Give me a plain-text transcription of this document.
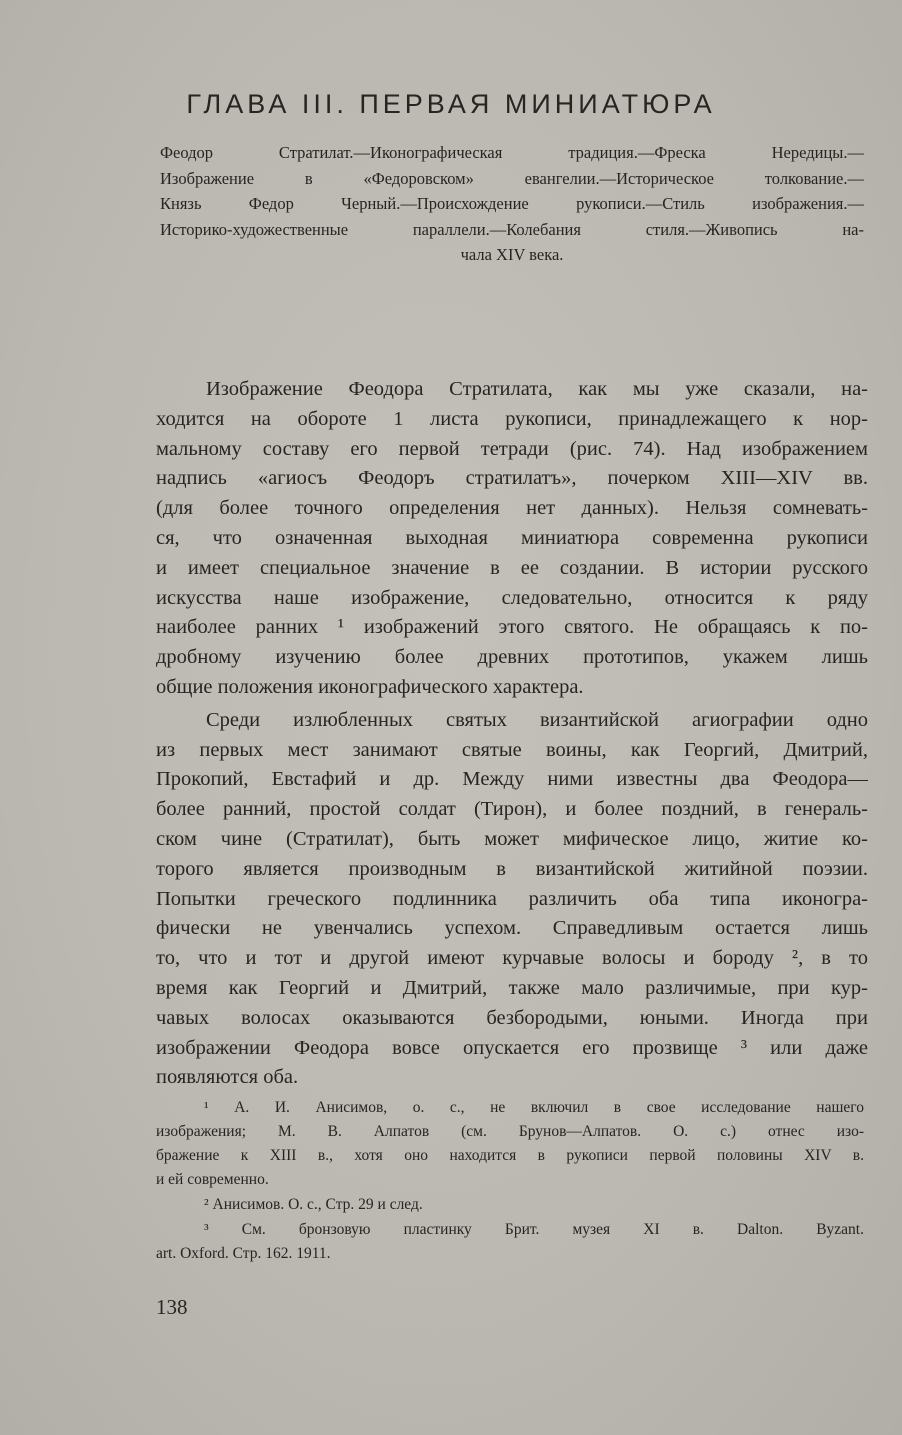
ГЛАВА III. ПЕРВАЯ МИНИАТЮРА
Феодор Стратилат.—Иконографическая традиция.—Фреска Нередицы.—
Изображение в «Федоровском» евангелии.—Историческое толкование.—
Князь Федор Черный.—Происхождение рукописи.—Стиль изображения.—
Историко-художественные параллели.—Колебания стиля.—Живопись на-
чала XIV века.
Изображение Феодора Стратилата, как мы уже сказали, на-
ходится на обороте 1 листа рукописи, принадлежащего к нор-
мальному составу его первой тетради (рис. 74). Над изображением
надпись «агиосъ Феодоръ стратилатъ», почерком XIII—XIV вв.
(для более точного определения нет данных). Нельзя сомневать-
ся, что означенная выходная миниатюра современна рукописи
и имеет специальное значение в ее создании. В истории русского
искусства наше изображение, следовательно, относится к ряду
наиболее ранних ¹ изображений этого святого. Не обращаясь к по-
дробному изучению более древних прототипов, укажем лишь
общие положения иконографического характера.
Среди излюбленных святых византийской агиографии одно
из первых мест занимают святые воины, как Георгий, Дмитрий,
Прокопий, Евстафий и др. Между ними известны два Феодора—
более ранний, простой солдат (Тирон), и более поздний, в генераль-
ском чине (Стратилат), быть может мифическое лицо, житие ко-
торого является производным в византийской житийной поэзии.
Попытки греческого подлинника различить оба типа иконогра-
фически не увенчались успехом. Справедливым остается лишь
то, что и тот и другой имеют курчавые волосы и бороду ², в то
время как Георгий и Дмитрий, также мало различимые, при кур-
чавых волосах оказываются безбородыми, юными. Иногда при
изображении Феодора вовсе опускается его прозвище ³ или даже
появляются оба.
¹ А. И. Анисимов, о. с., не включил в свое исследование нашего
изображения; М. В. Алпатов (см. Брунов—Алпатов. О. с.) отнес изо-
бражение к XIII в., хотя оно находится в рукописи первой половины XIV в.
и ей современно.
² Анисимов. О. с., Стр. 29 и след.
³ См. бронзовую пластинку Брит. музея XI в. Dalton. Byzant.
art. Oxford. Стр. 162. 1911.
138
